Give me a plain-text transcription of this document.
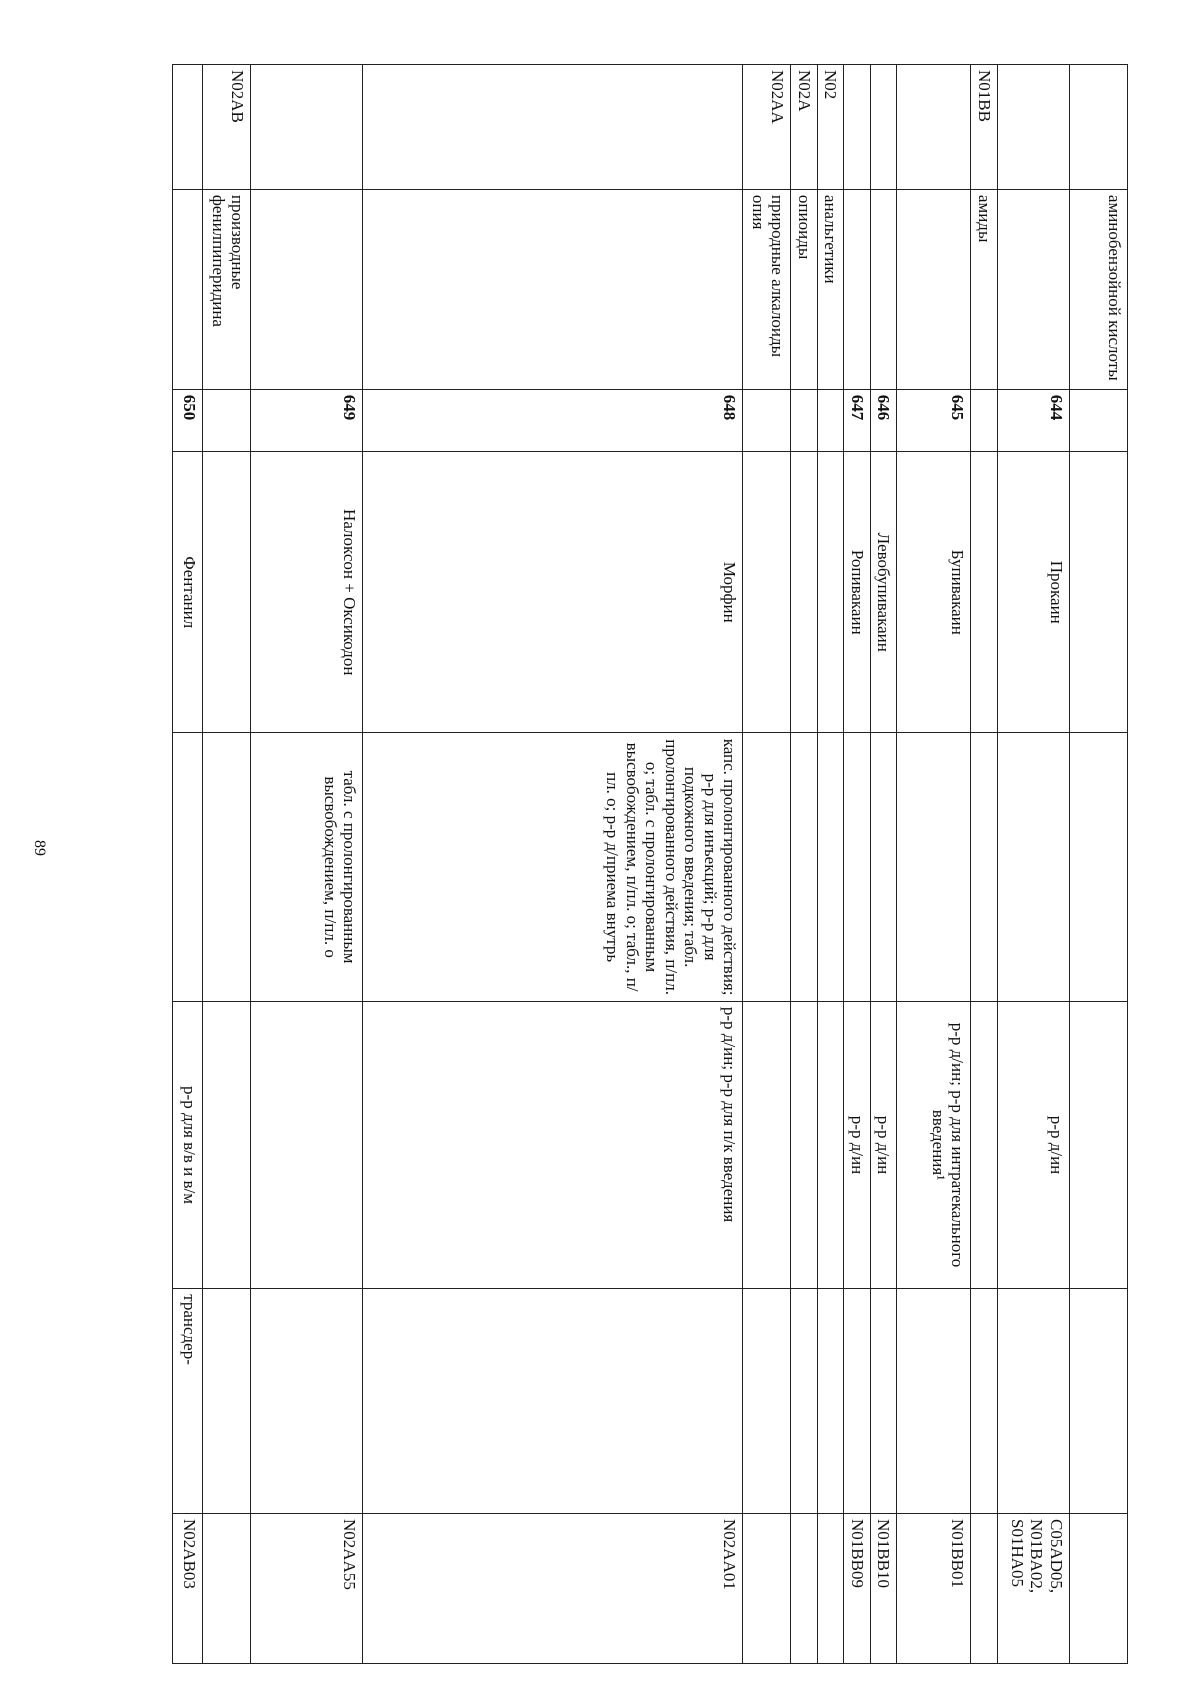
89
	аминобензойной кислоты						
		644	Прокаин		р-р д/ин		C05AD05, N01BA02, S01HA05
N01BB	амиды						
		645	Бупивакаин		р-р д/ин; р-р для интратекального введения¹		N01BB01
		646	Левобупивакаин		р-р д/ин		N01BB10
		647	Ропивакаин		р-р д/ин		N01BB09
N02	анальгетики						
N02A	опиоиды						
N02AA	природные алкалоиды опия						
		648	Морфин	капс. пролонгированного действия; р-р для инъекций; р-р для подкожного введения; табл. пролонгированного действия, п/пл. о; табл. с пролонгированным высвобождением, п/пл. о; табл., п/пл. о; р-р д/приема внутрь	р-р д/ин; р-р для п/к введения		N02AA01
		649	Налоксон + Оксикодон	табл. с пролонгированным высвобождением, п/пл. о			N02AA55
N02AB	производные фенилпиперидина						
		650	Фентанил		р-р для в/в и в/м	трансдер-	N02AB03
